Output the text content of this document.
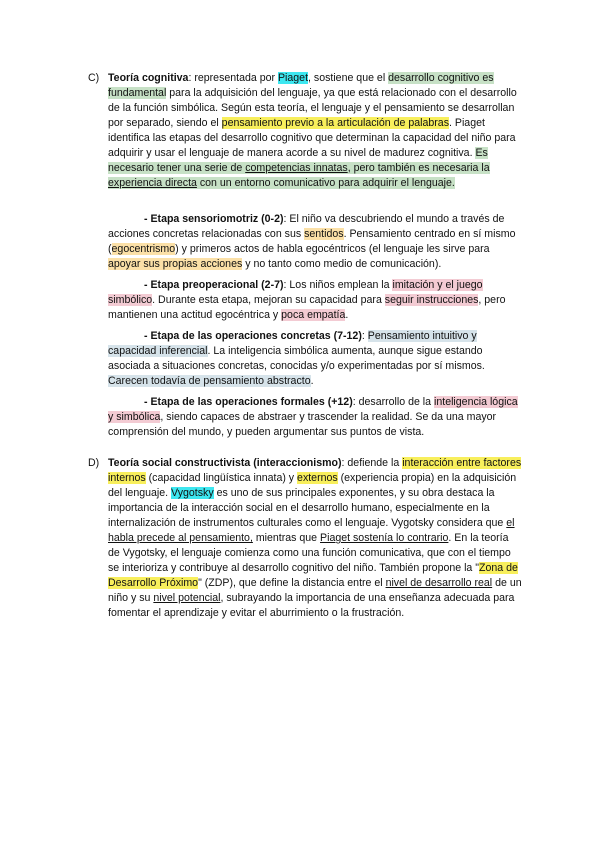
C) Teoría cognitiva: representada por Piaget, sostiene que el desarrollo cognitivo es fundamental para la adquisición del lenguaje, ya que está relacionado con el desarrollo de la función simbólica. Según esta teoría, el lenguaje y el pensamiento se desarrollan por separado, siendo el pensamiento previo a la articulación de palabras. Piaget identifica las etapas del desarrollo cognitivo que determinan la capacidad del niño para adquirir y usar el lenguaje de manera acorde a su nivel de madurez cognitiva. Es necesario tener una serie de competencias innatas, pero también es necesaria la experiencia directa con un entorno comunicativo para adquirir el lenguaje.

- Etapa sensoriomotriz (0-2): El niño va descubriendo el mundo a través de acciones concretas relacionadas con sus sentidos. Pensamiento centrado en sí mismo (egocentrismo) y primeros actos de habla egocéntricos (el lenguaje les sirve para apoyar sus propias acciones y no tanto como medio de comunicación).

- Etapa preoperacional (2-7): Los niños emplean la imitación y el juego simbólico. Durante esta etapa, mejoran su capacidad para seguir instrucciones, pero mantienen una actitud egocéntrica y poca empatía.

- Etapa de las operaciones concretas (7-12): Pensamiento intuitivo y capacidad inferencial. La inteligencia simbólica aumenta, aunque sigue estando asociada a situaciones concretas, conocidas y/o experimentadas por sí mismos. Carecen todavía de pensamiento abstracto.

- Etapa de las operaciones formales (+12): desarrollo de la inteligencia lógica y simbólica, siendo capaces de abstraer y trascender la realidad. Se da una mayor comprensión del mundo, y pueden argumentar sus puntos de vista.

D) Teoría social constructivista (interaccionismo): defiende la interacción entre factores internos (capacidad lingüística innata) y externos (experiencia propia) en la adquisición del lenguaje. Vygotsky es uno de sus principales exponentes, y su obra destaca la importancia de la interacción social en el desarrollo humano, especialmente en la internalización de instrumentos culturales como el lenguaje. Vygotsky considera que el habla precede al pensamiento, mientras que Piaget sostenía lo contrario. En la teoría de Vygotsky, el lenguaje comienza como una función comunicativa, que con el tiempo se interioriza y contribuye al desarrollo cognitivo del niño. También propone la "Zona de Desarrollo Próximo" (ZDP), que define la distancia entre el nivel de desarrollo real de un niño y su nivel potencial, subrayando la importancia de una enseñanza adecuada para fomentar el aprendizaje y evitar el aburrimiento o la frustración.
